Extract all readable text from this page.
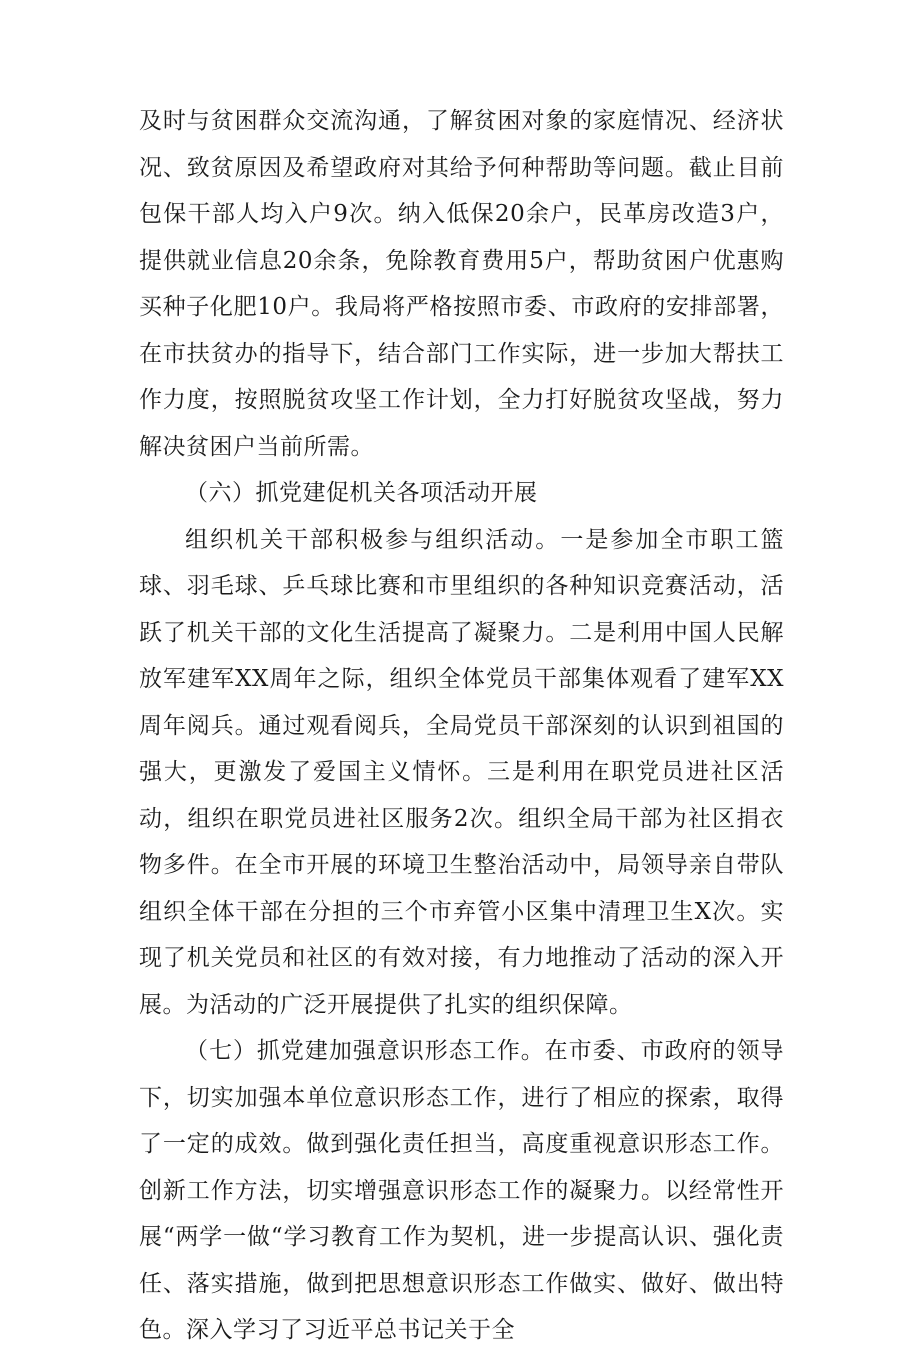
及时与贫困群众交流沟通，了解贫困对象的家庭情况、经济状况、致贫原因及希望政府对其给予何种帮助等问题。截止目前包保干部人均入户9次。纳入低保20余户，民革房改造3户，提供就业信息20余条，免除教育费用5户，帮助贫困户优惠购买种子化肥10户。我局将严格按照市委、市政府的安排部署，在市扶贫办的指导下，结合部门工作实际，进一步加大帮扶工作力度，按照脱贫攻坚工作计划，全力打好脱贫攻坚战，努力解决贫困户当前所需。

（六）抓党建促机关各项活动开展

组织机关干部积极参与组织活动。一是参加全市职工篮球、羽毛球、乒乓球比赛和市里组织的各种知识竞赛活动，活跃了机关干部的文化生活提高了凝聚力。二是利用中国人民解放军建军XX周年之际，组织全体党员干部集体观看了建军XX周年阅兵。通过观看阅兵，全局党员干部深刻的认识到祖国的强大，更激发了爱国主义情怀。三是利用在职党员进社区活动，组织在职党员进社区服务2次。组织全局干部为社区捐衣物多件。在全市开展的环境卫生整治活动中，局领导亲自带队组织全体干部在分担的三个市弃管小区集中清理卫生X次。实现了机关党员和社区的有效对接，有力地推动了活动的深入开展。为活动的广泛开展提供了扎实的组织保障。

（七）抓党建加强意识形态工作。在市委、市政府的领导下，切实加强本单位意识形态工作，进行了相应的探索，取得了一定的成效。做到强化责任担当，高度重视意识形态工作。创新工作方法，切实增强意识形态工作的凝聚力。以经常性开展“两学一做“学习教育工作为契机，进一步提高认识、强化责任、落实措施，做到把思想意识形态工作做实、做好、做出特色。深入学习了习近平总书记关于全
